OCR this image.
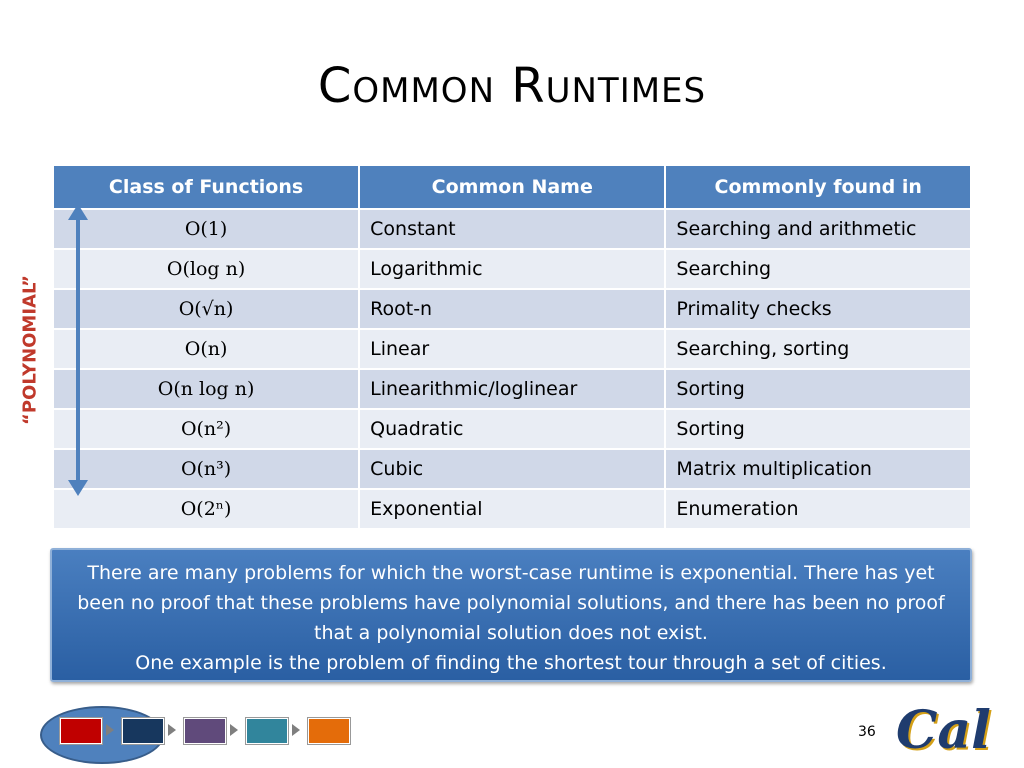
Common Runtimes
Class of Functions	Common Name	Commonly found in
O(1)	Constant	Searching and arithmetic
O(log n)	Logarithmic	Searching
O(√n)	Root-n	Primality checks
O(n)	Linear	Searching, sorting
O(n log n)	Linearithmic/loglinear	Sorting
O(n²)	Quadratic	Sorting
O(n³)	Cubic	Matrix multiplication
O(2ⁿ)	Exponential	Enumeration
“POLYNOMIAL”
There are many problems for which the worst-case runtime is exponential. There has yet been no proof that these problems have polynomial solutions, and there has been no proof that a polynomial solution does not exist.
One example is the problem of finding the shortest tour through a set of cities.
36 Cal
